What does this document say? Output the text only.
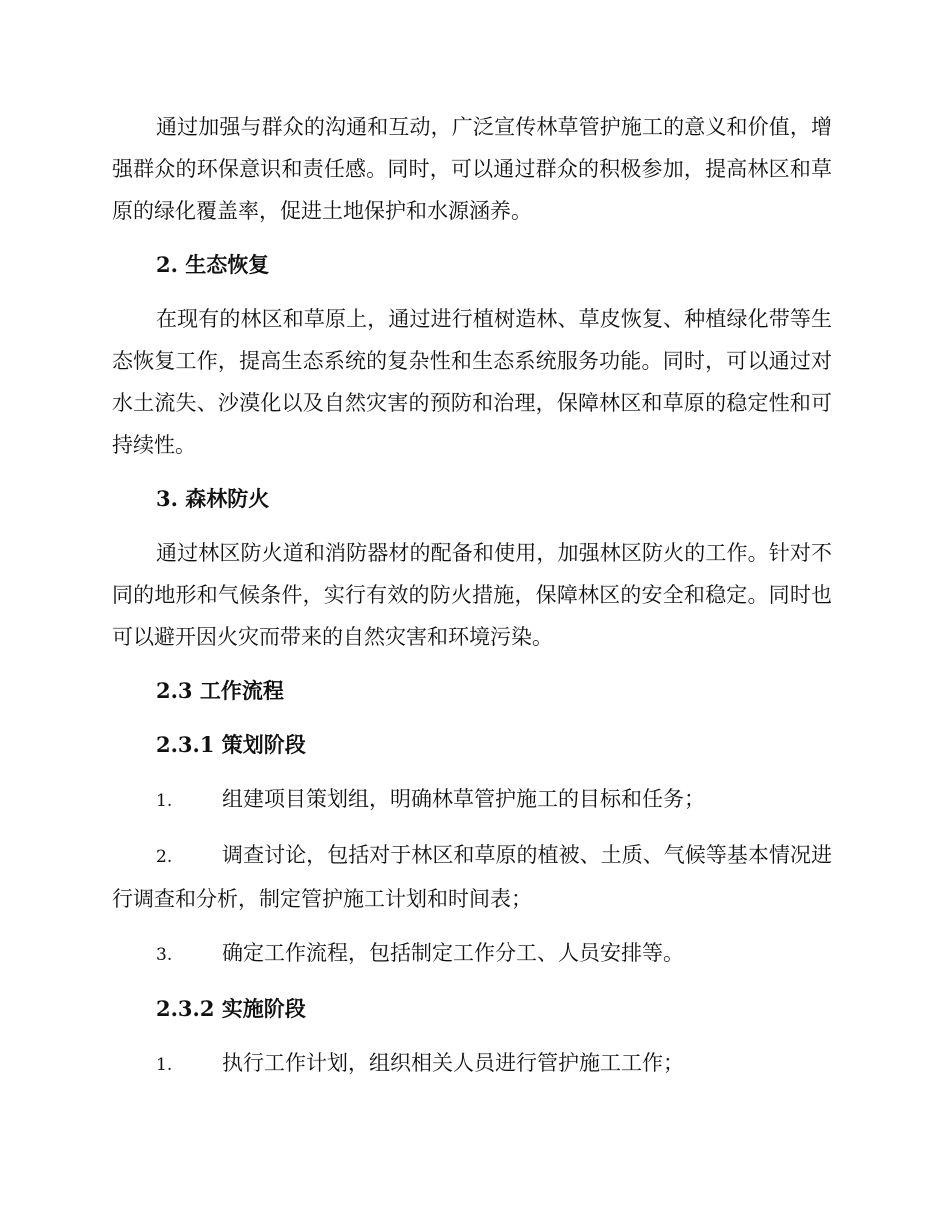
通过加强与群众的沟通和互动，广泛宣传林草管护施工的意义和价值，增强群众的环保意识和责任感。同时，可以通过群众的积极参加，提高林区和草原的绿化覆盖率，促进土地保护和水源涵养。

2. 生态恢复

在现有的林区和草原上，通过进行植树造林、草皮恢复、种植绿化带等生态恢复工作，提高生态系统的复杂性和生态系统服务功能。同时，可以通过对水土流失、沙漠化以及自然灾害的预防和治理，保障林区和草原的稳定性和可持续性。

3. 森林防火

通过林区防火道和消防器材的配备和使用，加强林区防火的工作。针对不同的地形和气候条件，实行有效的防火措施，保障林区的安全和稳定。同时也可以避开因火灾而带来的自然灾害和环境污染。

2.3 工作流程

2.3.1 策划阶段

1. 组建项目策划组，明确林草管护施工的目标和任务；

2. 调查讨论，包括对于林区和草原的植被、土质、气候等基本情况进行调查和分析，制定管护施工计划和时间表；

3. 确定工作流程，包括制定工作分工、人员安排等。

2.3.2 实施阶段

1. 执行工作计划，组织相关人员进行管护施工工作；
